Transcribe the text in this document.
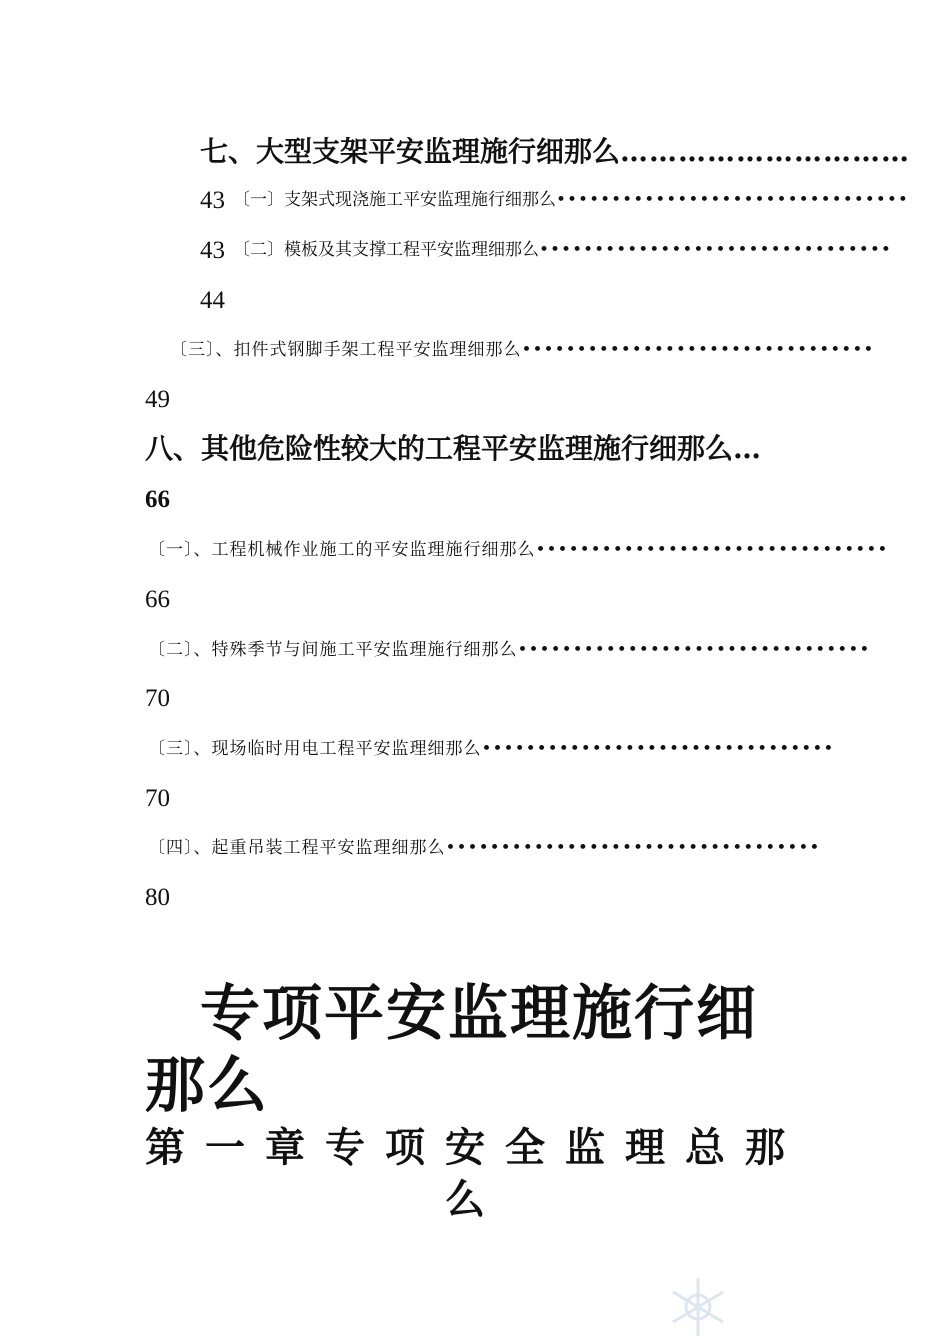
七、大型支架平安监理施行细那么 …………………………
43 〔一〕支架式现浇施工平安监理施行细那么 ••••••••••••••••••••••••••••••••
43 〔二〕模板及其支撑工程平安监理细那么 ••••••••••••••••••••••••••••••••
44
〔三〕、扣件式钢脚手架工程平安监理细那么 ••••••••••••••••••••••••••••••••
49
八、其他危险性较大的工程平安监理施行细那么 …
66
〔一〕、工程机械作业施工的平安监理施行细那么 ••••••••••••••••••••••••••••••••
66
〔二〕、特殊季节与间施工平安监理施行细那么 ••••••••••••••••••••••••••••••••
70
〔三〕、现场临时用电工程平安监理细那么 ••••••••••••••••••••••••••••••••
70
〔四〕、起重吊装工程平安监理细那么 ••••••••••••••••••••••••••••••••••
80
专项平安监理施行细那么
第一章专项安全监理总那么
